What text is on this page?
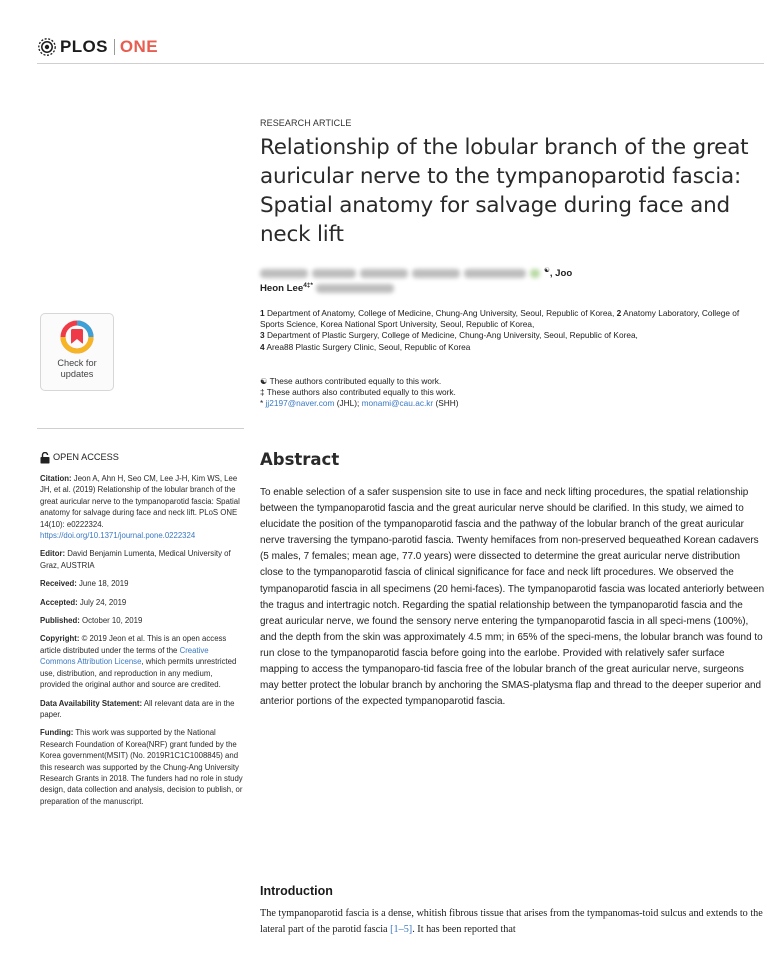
PLOS ONE
RESEARCH ARTICLE
Relationship of the lobular branch of the great auricular nerve to the tympanoparotid fascia: Spatial anatomy for salvage during face and neck lift
☯, Joo
Heon Lee$^{4\ddagger*}$
1 Department of Anatomy, College of Medicine, Chung-Ang University, Seoul, Republic of Korea, 2 Anatomy Laboratory, College of Sports Science, Korea National Sport University, Seoul, Republic of Korea,
3 Department of Plastic Surgery, College of Medicine, Chung-Ang University, Seoul, Republic of Korea,
4 Area88 Plastic Surgery Clinic, Seoul, Republic of Korea
☯ These authors contributed equally to this work.
‡ These authors also contributed equally to this work.
* jj2197@naver.com (JHL); monami@cau.ac.kr (SHH)
Check for
updates
OPEN ACCESS
Citation: Jeon A, Ahn H, Seo CM, Lee J-H, Kim WS, Lee JH, et al. (2019) Relationship of the lobular branch of the great auricular nerve to the tympanoparotid fascia: Spatial anatomy for salvage during face and neck lift. PLoS ONE 14(10): e0222324. https://doi.org/10.1371/journal.pone.0222324
Editor: David Benjamin Lumenta, Medical University of Graz, AUSTRIA
Received: June 18, 2019
Accepted: July 24, 2019
Published: October 10, 2019
Copyright: © 2019 Jeon et al. This is an open access article distributed under the terms of the Creative Commons Attribution License, which permits unrestricted use, distribution, and reproduction in any medium, provided the original author and source are credited.
Data Availability Statement: All relevant data are in the paper.
Funding: This work was supported by the National Research Foundation of Korea(NRF) grant funded by the Korea government(MSIT) (No. 2019R1C1C1008845) and this research was supported by the Chung-Ang University Research Grants in 2018. The funders had no role in study design, data collection and analysis, decision to publish, or preparation of the manuscript.
Abstract

To enable selection of a safer suspension site to use in face and neck lifting procedures, the spatial relationship between the tympanoparotid fascia and the great auricular nerve should be clarified. In this study, we aimed to elucidate the position of the tympanoparotid fascia and the pathway of the lobular branch of the great auricular nerve traversing the tympano-parotid fascia. Twenty hemifaces from non-preserved bequeathed Korean cadavers (5 males, 7 females; mean age, 77.0 years) were dissected to determine the great auricular nerve distribution close to the tympanoparotid fascia of clinical significance for face and neck lift procedures. We observed the tympanoparotid fascia in all specimens (20 hemi-faces). The tympanoparotid fascia was located anteriorly between the tragus and intertragic notch. Regarding the spatial relationship between the tympanoparotid fascia and the great auricular nerve, we found the sensory nerve entering the tympanoparotid fascia in all speci-mens (100%), and the depth from the skin was approximately 4.5 mm; in 65% of the speci-mens, the lobular branch was found to run close to the tympanoparotid fascia before going into the earlobe. Provided with relatively safer surface mapping to access the tympanoparo-tid fascia free of the lobular branch of the great auricular nerve, surgeons may better protect the lobular branch by anchoring the SMAS-platysma flap and thread to the deeper superior and anterior portions of the expected tympanoparotid fascia.

Introduction

The tympanoparotid fascia is a dense, whitish fibrous tissue that arises from the tympanomas-toid sulcus and extends to the lateral part of the parotid fascia [1–5]. It has been reported that
